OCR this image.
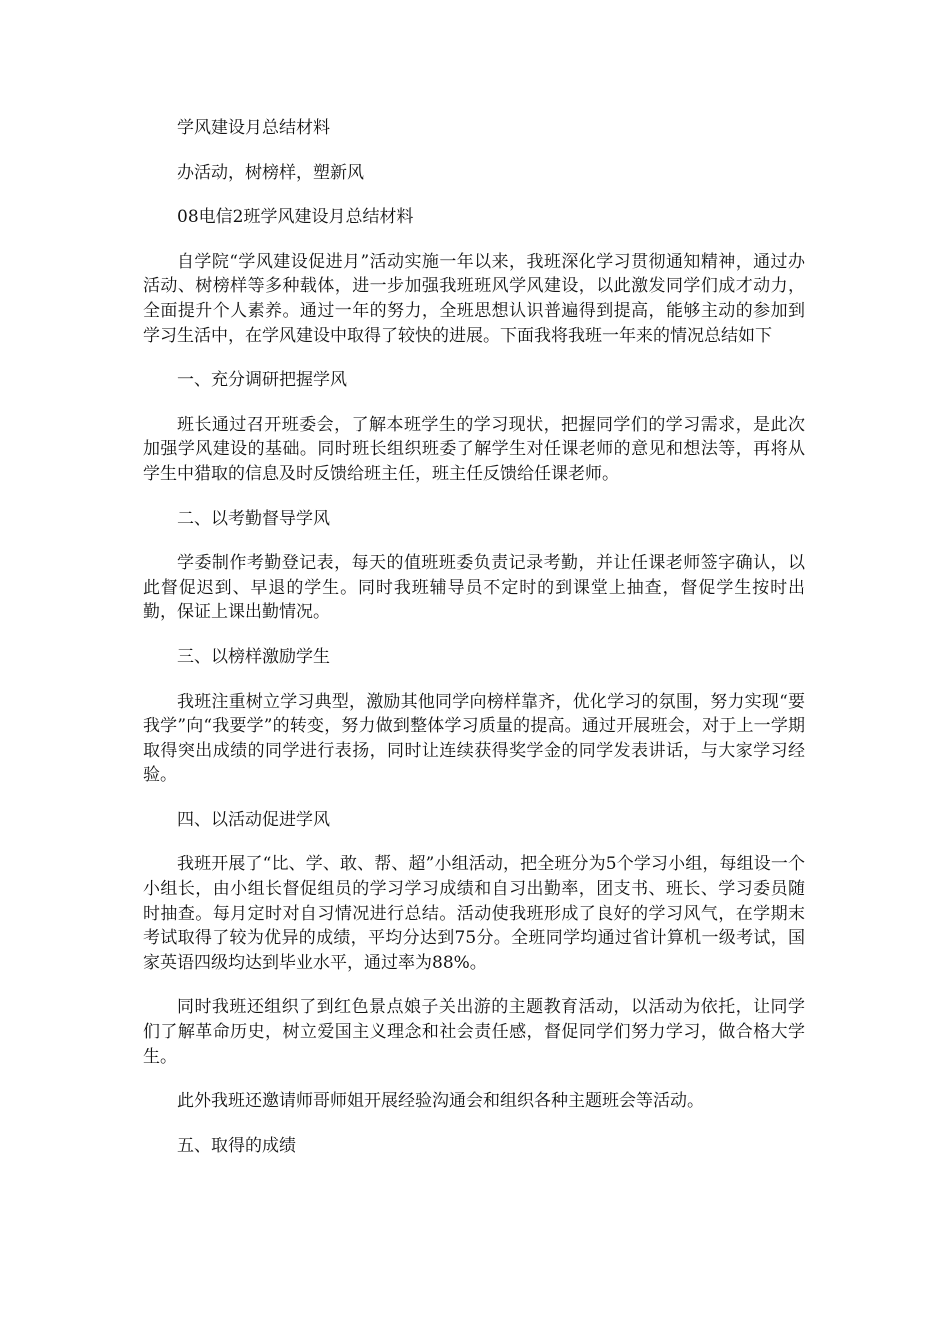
学风建设月总结材料

办活动，树榜样，塑新风

08电信2班学风建设月总结材料

自学院“学风建设促进月”活动实施一年以来，我班深化学习贯彻通知精神，通过办活动、树榜样等多种载体，进一步加强我班班风学风建设，以此激发同学们成才动力，全面提升个人素养。通过一年的努力，全班思想认识普遍得到提高，能够主动的参加到学习生活中，在学风建设中取得了较快的进展。下面我将我班一年来的情况总结如下

一、充分调研把握学风

班长通过召开班委会，了解本班学生的学习现状，把握同学们的学习需求，是此次加强学风建设的基础。同时班长组织班委了解学生对任课老师的意见和想法等，再将从学生中猎取的信息及时反馈给班主任，班主任反馈给任课老师。

二、以考勤督导学风

学委制作考勤登记表，每天的值班班委负责记录考勤，并让任课老师签字确认，以此督促迟到、早退的学生。同时我班辅导员不定时的到课堂上抽查，督促学生按时出勤，保证上课出勤情况。

三、以榜样激励学生

我班注重树立学习典型，激励其他同学向榜样靠齐，优化学习的氛围，努力实现“要我学”向“我要学”的转变，努力做到整体学习质量的提高。通过开展班会，对于上一学期取得突出成绩的同学进行表扬，同时让连续获得奖学金的同学发表讲话，与大家学习经验。

四、以活动促进学风

我班开展了“比、学、敢、帮、超”小组活动，把全班分为5个学习小组，每组设一个小组长，由小组长督促组员的学习学习成绩和自习出勤率，团支书、班长、学习委员随时抽查。每月定时对自习情况进行总结。活动使我班形成了良好的学习风气，在学期末考试取得了较为优异的成绩，平均分达到75分。全班同学均通过省计算机一级考试，国家英语四级均达到毕业水平，通过率为88%。

同时我班还组织了到红色景点娘子关出游的主题教育活动，以活动为依托，让同学们了解革命历史，树立爱国主义理念和社会责任感，督促同学们努力学习，做合格大学生。

此外我班还邀请师哥师姐开展经验沟通会和组织各种主题班会等活动。

五、取得的成绩
